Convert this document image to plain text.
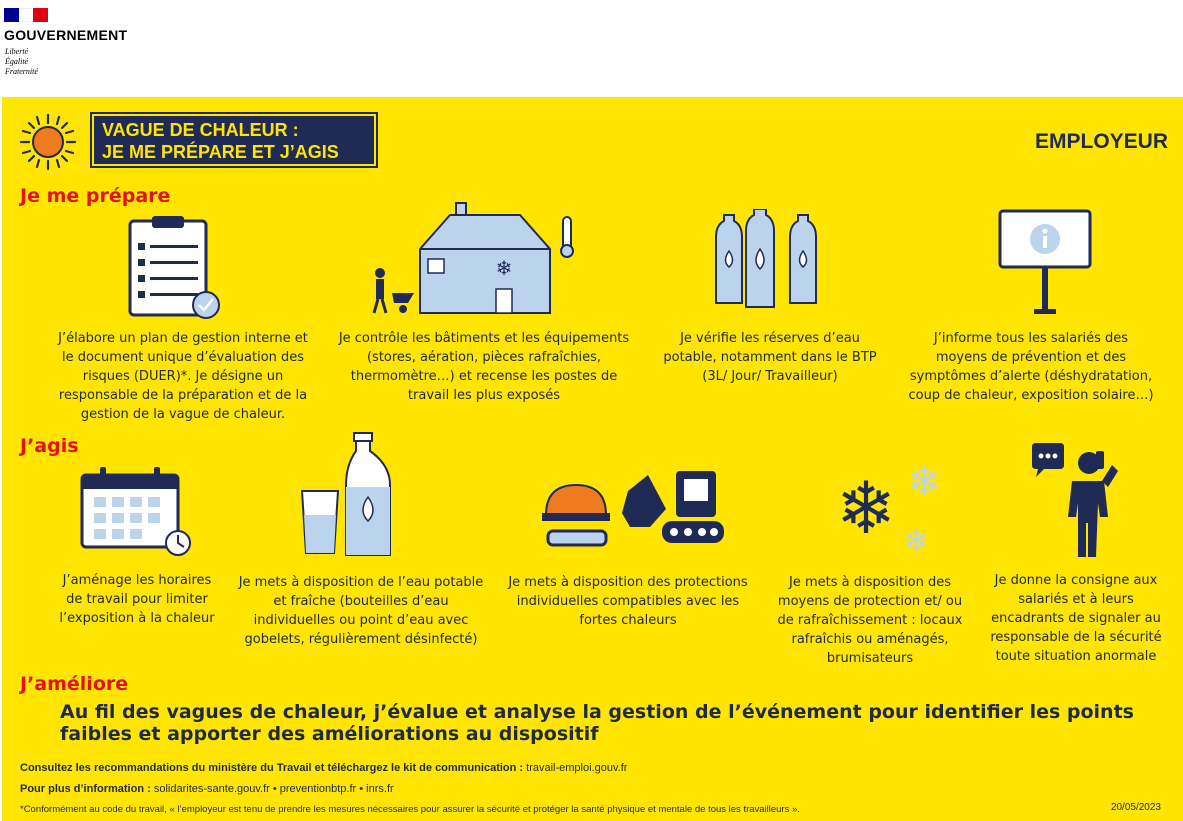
GOUVERNEMENT
Liberté
Égalité
Fraternité
VAGUE DE CHALEUR :
JE ME PRÉPARE ET J’AGIS	EMPLOYEUR
Je me prépare
❄
J’élabore un plan de gestion interne et le document unique d’évaluation des risques (DUER)*. Je désigne un responsable de la préparation et de la gestion de la vague de chaleur.
Je contrôle les bâtiments et les équipements (stores, aération, pièces rafraîchies, thermomètre…) et recense les postes de travail les plus exposés
Je vérifie les réserves d’eau potable, notamment dans le BTP (3L/ Jour/ Travailleur)
J’informe tous les salariés des moyens de prévention et des symptômes d’alerte (déshydratation, coup de chaleur, exposition solaire…)
J’agis
❄ ❄
❄
J’aménage les horaires de travail pour limiter l’exposition à la chaleur
Je mets à disposition de l’eau potable et fraîche (bouteilles d’eau individuelles ou point d’eau avec gobelets, régulièrement désinfecté)
Je mets à disposition des protections individuelles compatibles avec les fortes chaleurs
Je mets à disposition des moyens de protection et/ ou de rafraîchissement : locaux rafraîchis ou aménagés, brumisateurs
Je donne la consigne aux salariés et à leurs encadrants de signaler au responsable de la sécurité toute situation anormale
J’améliore
Au fil des vagues de chaleur, j’évalue et analyse la gestion de l’événement pour identifier les points faibles et apporter des améliorations au dispositif
Consultez les recommandations du ministère du Travail et téléchargez le kit de communication : travail-emploi.gouv.fr
Pour plus d’information : solidarites-sante.gouv.fr • preventionbtp.fr • inrs.fr
*Conformément au code du travail, « l’employeur est tenu de prendre les mesures nécessaires pour assurer la sécurité et protéger la santé physique et mentale de tous les travailleurs ».	20/05/2023
